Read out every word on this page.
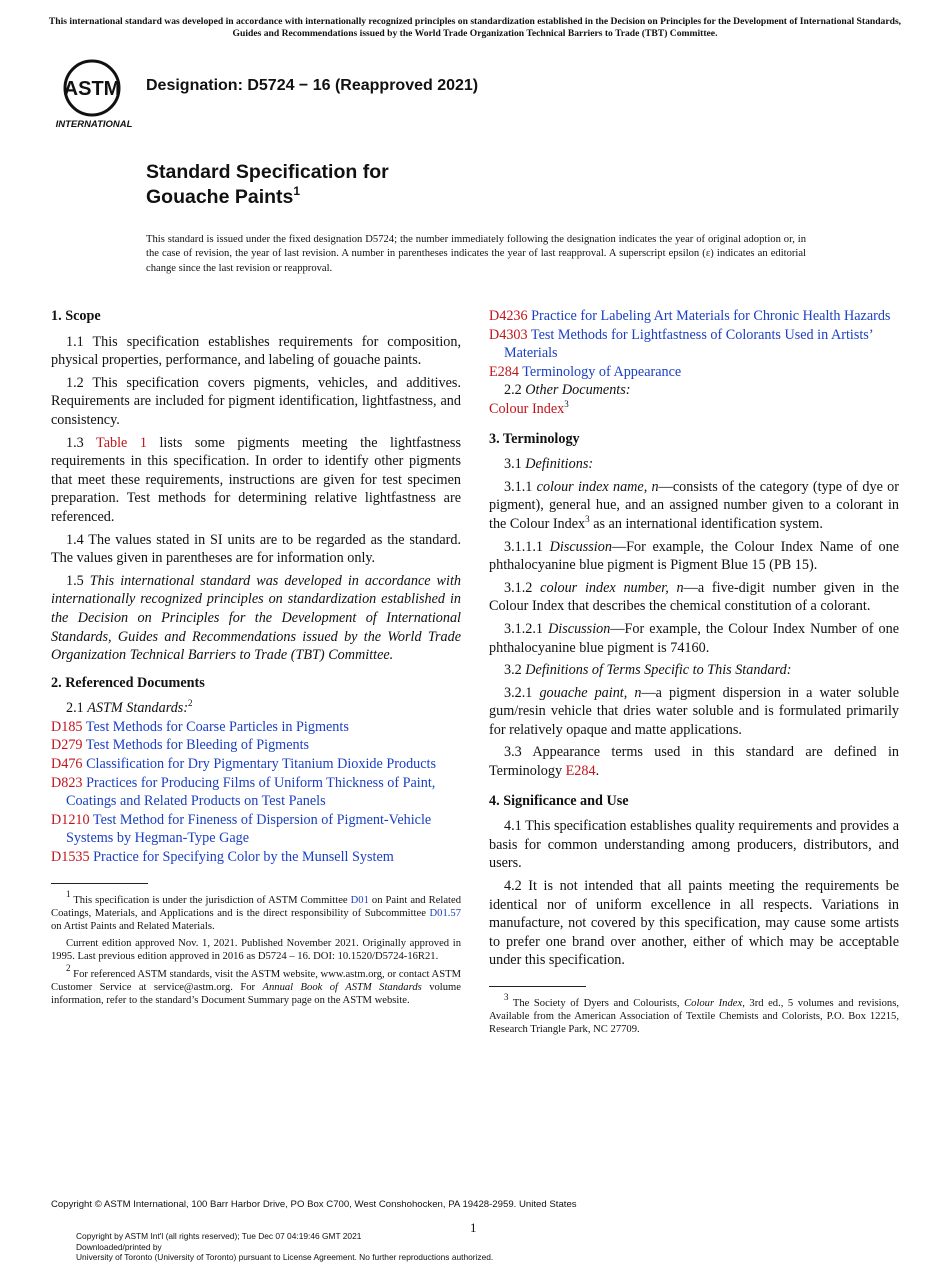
This international standard was developed in accordance with internationally recognized principles on standardization established in the Decision on Principles for the Development of International Standards, Guides and Recommendations issued by the World Trade Organization Technical Barriers to Trade (TBT) Committee.
ASTM
INTERNATIONAL
Designation: D5724 − 16 (Reapproved 2021)
Standard Specification for
Gouache Paints$^1$
This standard is issued under the fixed designation D5724; the number immediately following the designation indicates the year of original adoption or, in the case of revision, the year of last revision. A number in parentheses indicates the year of last reapproval. A superscript epsilon (ε) indicates an editorial change since the last revision or reapproval.
1. Scope

1.1 This specification establishes requirements for composition, physical properties, performance, and labeling of gouache paints.

1.2 This specification covers pigments, vehicles, and additives. Requirements are included for pigment identification, lightfastness, and consistency.

1.3 Table 1 lists some pigments meeting the lightfastness requirements in this specification. In order to identify other pigments that meet these requirements, instructions are given for test specimen preparation. Test methods for determining relative lightfastness are referenced.

1.4 The values stated in SI units are to be regarded as the standard. The values given in parentheses are for information only.

1.5 This international standard was developed in accordance with internationally recognized principles on standardization established in the Decision on Principles for the Development of International Standards, Guides and Recommendations issued by the World Trade Organization Technical Barriers to Trade (TBT) Committee.

2. Referenced Documents
2.1 ASTM Standards:$^2$
D185 Test Methods for Coarse Particles in Pigments
D279 Test Methods for Bleeding of Pigments
D476 Classification for Dry Pigmentary Titanium Dioxide Products
D823 Practices for Producing Films of Uniform Thickness of Paint, Coatings and Related Products on Test Panels
D1210 Test Method for Fineness of Dispersion of Pigment-Vehicle Systems by Hegman-Type Gage
D1535 Practice for Specifying Color by the Munsell System

$^1$ This specification is under the jurisdiction of ASTM Committee D01 on Paint and Related Coatings, Materials, and Applications and is the direct responsibility of Subcommittee D01.57 on Artist Paints and Related Materials.

Current edition approved Nov. 1, 2021. Published November 2021. Originally approved in 1995. Last previous edition approved in 2016 as D5724 – 16. DOI: 10.1520/D5724-16R21.

$^2$ For referenced ASTM standards, visit the ASTM website, www.astm.org, or contact ASTM Customer Service at service@astm.org. For Annual Book of ASTM Standards volume information, refer to the standard’s Document Summary page on the ASTM website.

D4236 Practice for Labeling Art Materials for Chronic Health Hazards
D4303 Test Methods for Lightfastness of Colorants Used in Artists’ Materials
E284 Terminology of Appearance
2.2 Other Documents:
Colour Index$^3$
3. Terminology

3.1 Definitions:

3.1.1 colour index name, n—consists of the category (type of dye or pigment), general hue, and an assigned number given to a colorant in the Colour Index$^3$ as an international identification system.

3.1.1.1 Discussion—For example, the Colour Index Name of one phthalocyanine blue pigment is Pigment Blue 15 (PB 15).

3.1.2 colour index number, n—a five-digit number given in the Colour Index that describes the chemical constitution of a colorant.

3.1.2.1 Discussion—For example, the Colour Index Number of one phthalocyanine blue pigment is 74160.

3.2 Definitions of Terms Specific to This Standard:

3.2.1 gouache paint, n—a pigment dispersion in a water soluble gum/resin vehicle that dries water soluble and is formulated primarily for relatively opaque and matte applications.

3.3 Appearance terms used in this standard are defined in Terminology E284.

4. Significance and Use

4.1 This specification establishes quality requirements and provides a basis for common understanding among producers, distributors, and users.

4.2 It is not intended that all paints meeting the requirements be identical nor of uniform excellence in all respects. Variations in manufacture, not covered by this specification, may cause some artists to prefer one brand over another, either of which may be acceptable under this specification.

$^3$ The Society of Dyers and Colourists, Colour Index, 3rd ed., 5 volumes and revisions, Available from the American Association of Textile Chemists and Colorists, P.O. Box 12215, Research Triangle Park, NC 27709.

Copyright © ASTM International, 100 Barr Harbor Drive, PO Box C700, West Conshohocken, PA 19428-2959. United States
1
Copyright by ASTM Int'l (all rights reserved); Tue Dec 07 04:19:46 GMT 2021
Downloaded/printed by
University of Toronto (University of Toronto) pursuant to License Agreement. No further reproductions authorized.
